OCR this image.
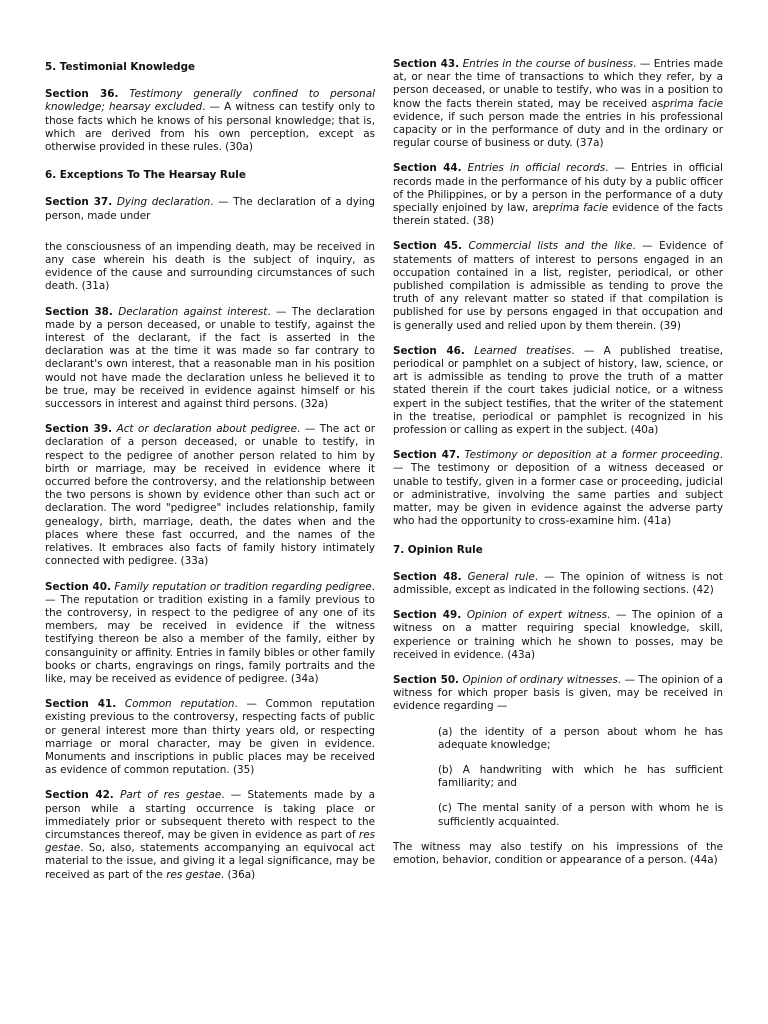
5. Testimonial Knowledge

Section 36. Testimony generally confined to personal knowledge; hearsay excluded. — A witness can testify only to those facts which he knows of his personal knowledge; that is, which are derived from his own perception, except as otherwise provided in these rules. (30a)

6. Exceptions To The Hearsay Rule

Section 37. Dying declaration. — The declaration of a dying person, made under

the consciousness of an impending death, may be received in any case wherein his death is the subject of inquiry, as evidence of the cause and surrounding circumstances of such death. (31a)

Section 38. Declaration against interest. — The declaration made by a person deceased, or unable to testify, against the interest of the declarant, if the fact is asserted in the declaration was at the time it was made so far contrary to declarant's own interest, that a reasonable man in his position would not have made the declaration unless he believed it to be true, may be received in evidence against himself or his successors in interest and against third persons. (32a)

Section 39. Act or declaration about pedigree. — The act or declaration of a person deceased, or unable to testify, in respect to the pedigree of another person related to him by birth or marriage, may be received in evidence where it occurred before the controversy, and the relationship between the two persons is shown by evidence other than such act or declaration. The word "pedigree" includes relationship, family genealogy, birth, marriage, death, the dates when and the places where these fast occurred, and the names of the relatives. It embraces also facts of family history intimately connected with pedigree. (33a)

Section 40. Family reputation or tradition regarding pedigree. — The reputation or tradition existing in a family previous to the controversy, in respect to the pedigree of any one of its members, may be received in evidence if the witness testifying thereon be also a member of the family, either by consanguinity or affinity. Entries in family bibles or other family books or charts, engravings on rings, family portraits and the like, may be received as evidence of pedigree. (34a)

Section 41. Common reputation. — Common reputation existing previous to the controversy, respecting facts of public or general interest more than thirty years old, or respecting marriage or moral character, may be given in evidence. Monuments and inscriptions in public places may be received as evidence of common reputation. (35)

Section 42. Part of res gestae. — Statements made by a person while a starting occurrence is taking place or immediately prior or subsequent thereto with respect to the circumstances thereof, may be given in evidence as part of res gestae. So, also, statements accompanying an equivocal act material to the issue, and giving it a legal significance, may be received as part of the res gestae. (36a)

Section 43. Entries in the course of business. — Entries made at, or near the time of transactions to which they refer, by a person deceased, or unable to testify, who was in a position to know the facts therein stated, may be received asprima facie evidence, if such person made the entries in his professional capacity or in the performance of duty and in the ordinary or regular course of business or duty. (37a)

Section 44. Entries in official records. — Entries in official records made in the performance of his duty by a public officer of the Philippines, or by a person in the performance of a duty specially enjoined by law, areprima facie evidence of the facts therein stated. (38)

Section 45. Commercial lists and the like. — Evidence of statements of matters of interest to persons engaged in an occupation contained in a list, register, periodical, or other published compilation is admissible as tending to prove the truth of any relevant matter so stated if that compilation is published for use by persons engaged in that occupation and is generally used and relied upon by them therein. (39)

Section 46. Learned treatises. — A published treatise, periodical or pamphlet on a subject of history, law, science, or art is admissible as tending to prove the truth of a matter stated therein if the court takes judicial notice, or a witness expert in the subject testifies, that the writer of the statement in the treatise, periodical or pamphlet is recognized in his profession or calling as expert in the subject. (40a)

Section 47. Testimony or deposition at a former proceeding. — The testimony or deposition of a witness deceased or unable to testify, given in a former case or proceeding, judicial or administrative, involving the same parties and subject matter, may be given in evidence against the adverse party who had the opportunity to cross-examine him. (41a)

7. Opinion Rule

Section 48. General rule. — The opinion of witness is not admissible, except as indicated in the following sections. (42)

Section 49. Opinion of expert witness. — The opinion of a witness on a matter requiring special knowledge, skill, experience or training which he shown to posses, may be received in evidence. (43a)

Section 50. Opinion of ordinary witnesses. — The opinion of a witness for which proper basis is given, may be received in evidence regarding —

(a) the identity of a person about whom he has adequate knowledge;

(b) A handwriting with which he has sufficient familiarity; and

(c) The mental sanity of a person with whom he is sufficiently acquainted.

The witness may also testify on his impressions of the emotion, behavior, condition or appearance of a person. (44a)
